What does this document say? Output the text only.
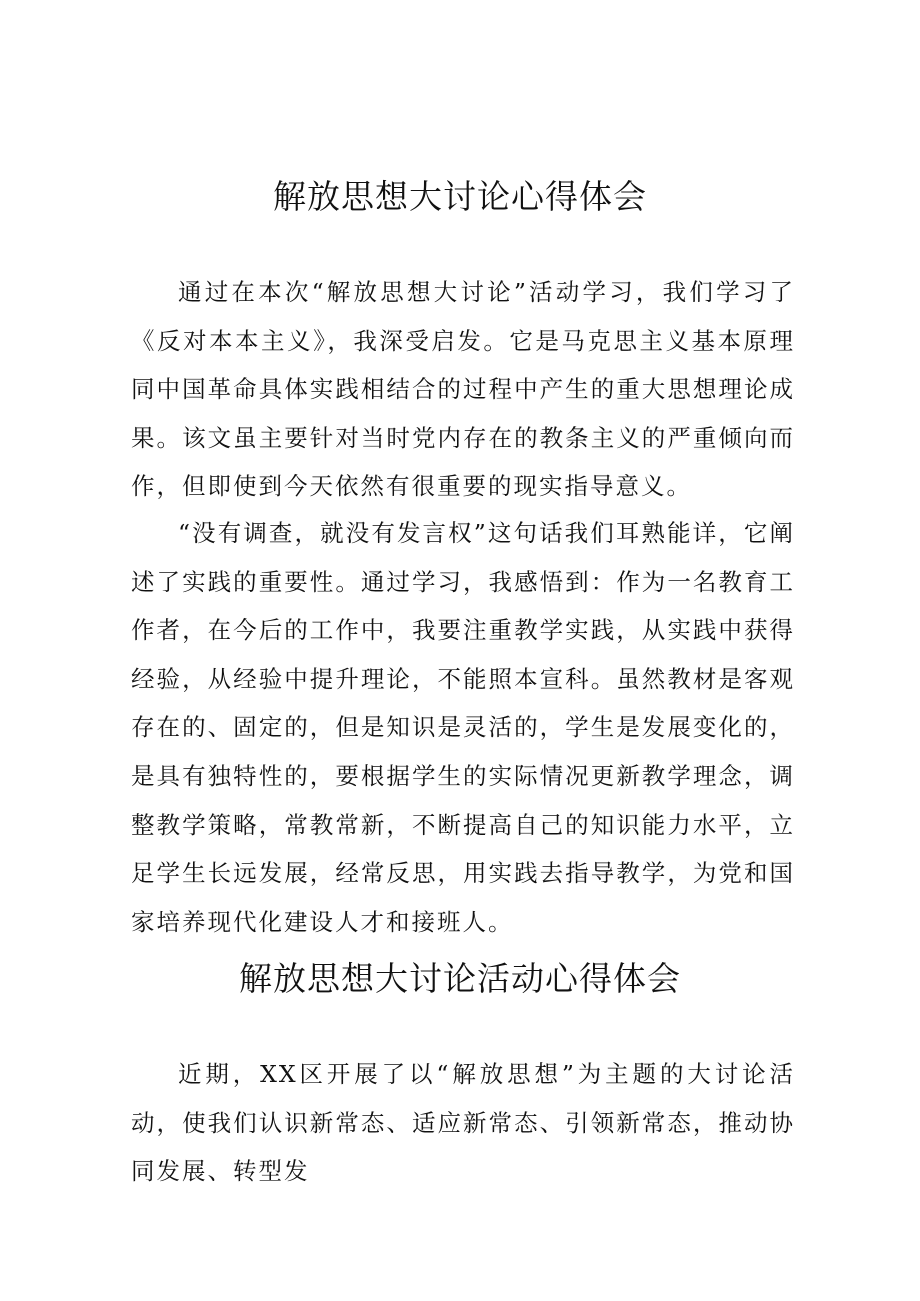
解放思想大讨论心得体会

通过在本次“解放思想大讨论”活动学习，我们学习了《反对本本主义》，我深受启发。它是马克思主义基本原理同中国革命具体实践相结合的过程中产生的重大思想理论成果。该文虽主要针对当时党内存在的教条主义的严重倾向而作，但即使到今天依然有很重要的现实指导意义。

“没有调查，就没有发言权”这句话我们耳熟能详，它阐述了实践的重要性。通过学习，我感悟到：作为一名教育工作者，在今后的工作中，我要注重教学实践，从实践中获得经验，从经验中提升理论，不能照本宣科。虽然教材是客观存在的、固定的，但是知识是灵活的，学生是发展变化的，是具有独特性的，要根据学生的实际情况更新教学理念，调整教学策略，常教常新，不断提高自己的知识能力水平，立足学生长远发展，经常反思，用实践去指导教学，为党和国家培养现代化建设人才和接班人。

解放思想大讨论活动心得体会

近期，XX区开展了以“解放思想”为主题的大讨论活动，使我们认识新常态、适应新常态、引领新常态，推动协同发展、转型发
